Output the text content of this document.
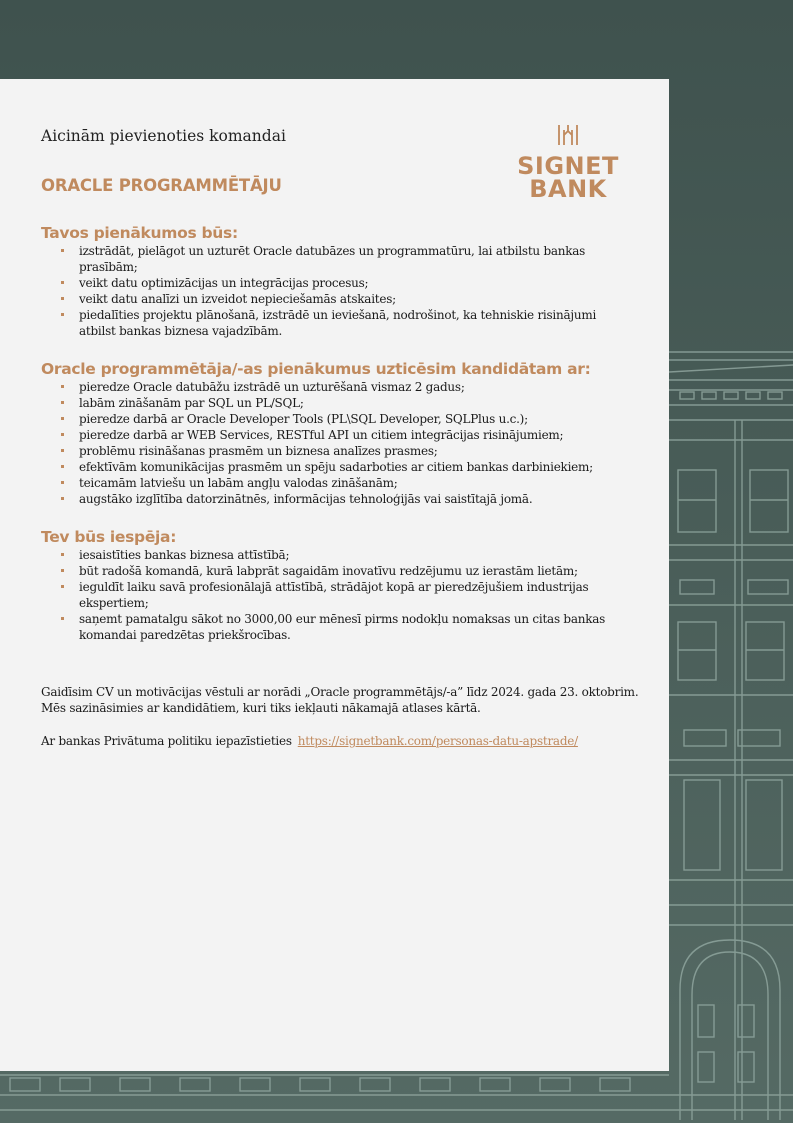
Aicinām pievienoties komandai
ORACLE PROGRAMMĒTĀJU
SIGNET
BANK
Tavos pienākumos būs:
izstrādāt, pielāgot un uzturēt Oracle datubāzes un programmatūru, lai atbilstu bankas prasībām;
veikt datu optimizācijas un integrācijas procesus;
veikt datu analīzi un izveidot nepieciešamās atskaites;
piedalīties projektu plānošanā, izstrādē un ieviešanā, nodrošinot, ka tehniskie risinājumi atbilst bankas biznesa vajadzībām.
Oracle programmētāja/-as pienākumus uzticēsim kandidātam ar:
pieredze Oracle datubāžu izstrādē un uzturēšanā vismaz 2 gadus;
labām zināšanām par SQL un PL/SQL;
pieredze darbā ar Oracle Developer Tools (PL\SQL Developer, SQLPlus u.c.);
pieredze darbā ar WEB Services, RESTful API un citiem integrācijas risinājumiem;
problēmu risināšanas prasmēm un biznesa analīzes prasmes;
efektīvām komunikācijas prasmēm un spēju sadarboties ar citiem bankas darbiniekiem;
teicamām latviešu un labām angļu valodas zināšanām;
augstāko izglītība datorzinātnēs, informācijas tehnoloģijās vai saistītajā jomā.
Tev būs iespēja:
iesaistīties bankas biznesa attīstībā;
būt radošā komandā, kurā labprāt sagaidām inovatīvu redzējumu uz ierastām lietām;
ieguldīt laiku savā profesionālajā attīstībā, strādājot kopā ar pieredzējušiem industrijas ekspertiem;
saņemt pamatalgu sākot no 3000,00 eur mēnesī pirms nodokļu nomaksas un citas bankas komandai paredzētas priekšrocības.
Gaidīsim CV un motivācijas vēstuli ar norādi „Oracle programmētājs/-a” līdz 2024. gada 23. oktobrim.
Mēs sazināsimies ar kandidātiem, kuri tiks iekļauti nākamajā atlases kārtā.
Ar bankas Privātuma politiku iepazīstieties https://signetbank.com/personas-datu-apstrade/
